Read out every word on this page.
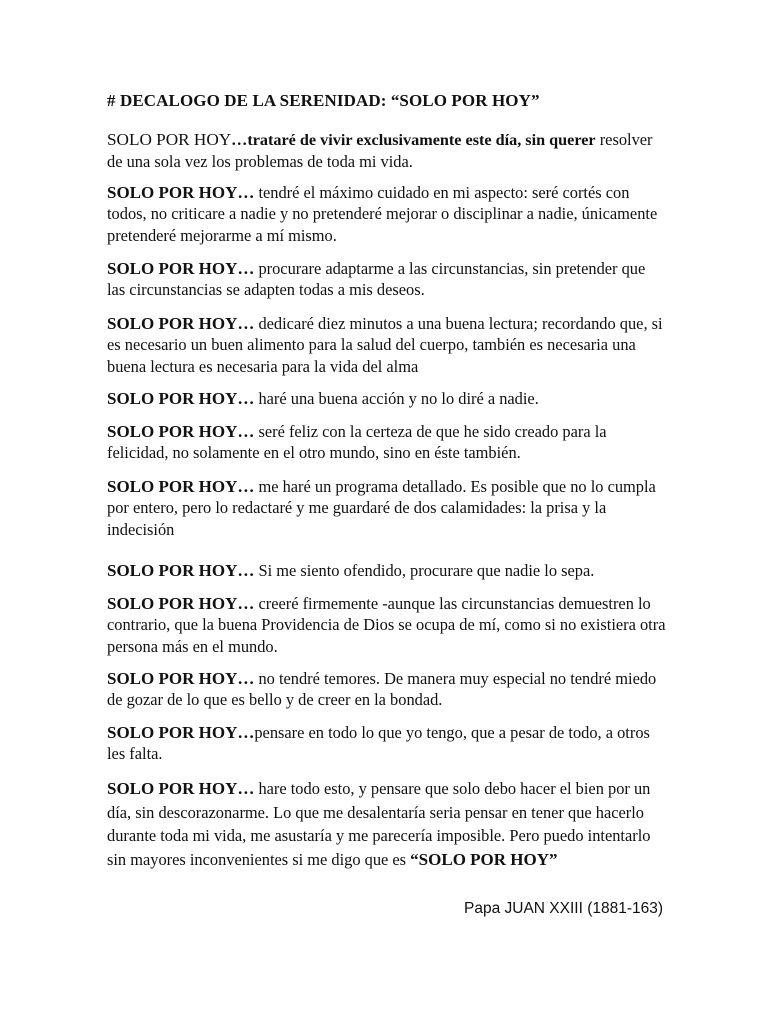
# DECALOGO DE LA SERENIDAD: “SOLO POR HOY”
SOLO POR HOY…trataré de vivir exclusivamente este día, sin querer resolver de una sola vez los problemas de toda mi vida.
SOLO POR HOY… tendré el máximo cuidado en mi aspecto: seré cortés con todos, no criticare a nadie y no pretenderé mejorar o disciplinar a nadie, únicamente pretenderé mejorarme a mí mismo.
SOLO POR HOY… procurare adaptarme a las circunstancias, sin pretender que las circunstancias se adapten todas a mis deseos.
SOLO POR HOY… dedicaré diez minutos a una buena lectura; recordando que, si es necesario un buen alimento para la salud del cuerpo, también es necesaria una buena lectura es necesaria para la vida del alma
SOLO POR HOY… haré una buena acción y no lo diré a nadie.
SOLO POR HOY… seré feliz con la certeza de que he sido creado para la felicidad, no solamente en el otro mundo, sino en éste también.
SOLO POR HOY… me haré un programa detallado. Es posible que no lo cumpla por entero, pero lo redactaré y me guardaré de dos calamidades: la prisa y la indecisión
SOLO POR HOY… Si me siento ofendido, procurare que nadie lo sepa.
SOLO POR HOY… creeré firmemente -aunque las circunstancias demuestren lo contrario, que la buena Providencia de Dios se ocupa de mí, como si no existiera otra persona más en el mundo.
SOLO POR HOY… no tendré temores. De manera muy especial no tendré miedo de gozar de lo que es bello y de creer en la bondad.
SOLO POR HOY…pensare en todo lo que yo tengo, que a pesar de todo, a otros les falta.
SOLO POR HOY… hare todo esto, y pensare que solo debo hacer el bien por un día, sin descorazonarme. Lo que me desalentaría seria pensar en tener que hacerlo durante toda mi vida, me asustaría y me parecería imposible. Pero puedo intentarlo sin mayores inconvenientes si me digo que es “SOLO POR HOY”
Papa JUAN XXIII (1881-163)
